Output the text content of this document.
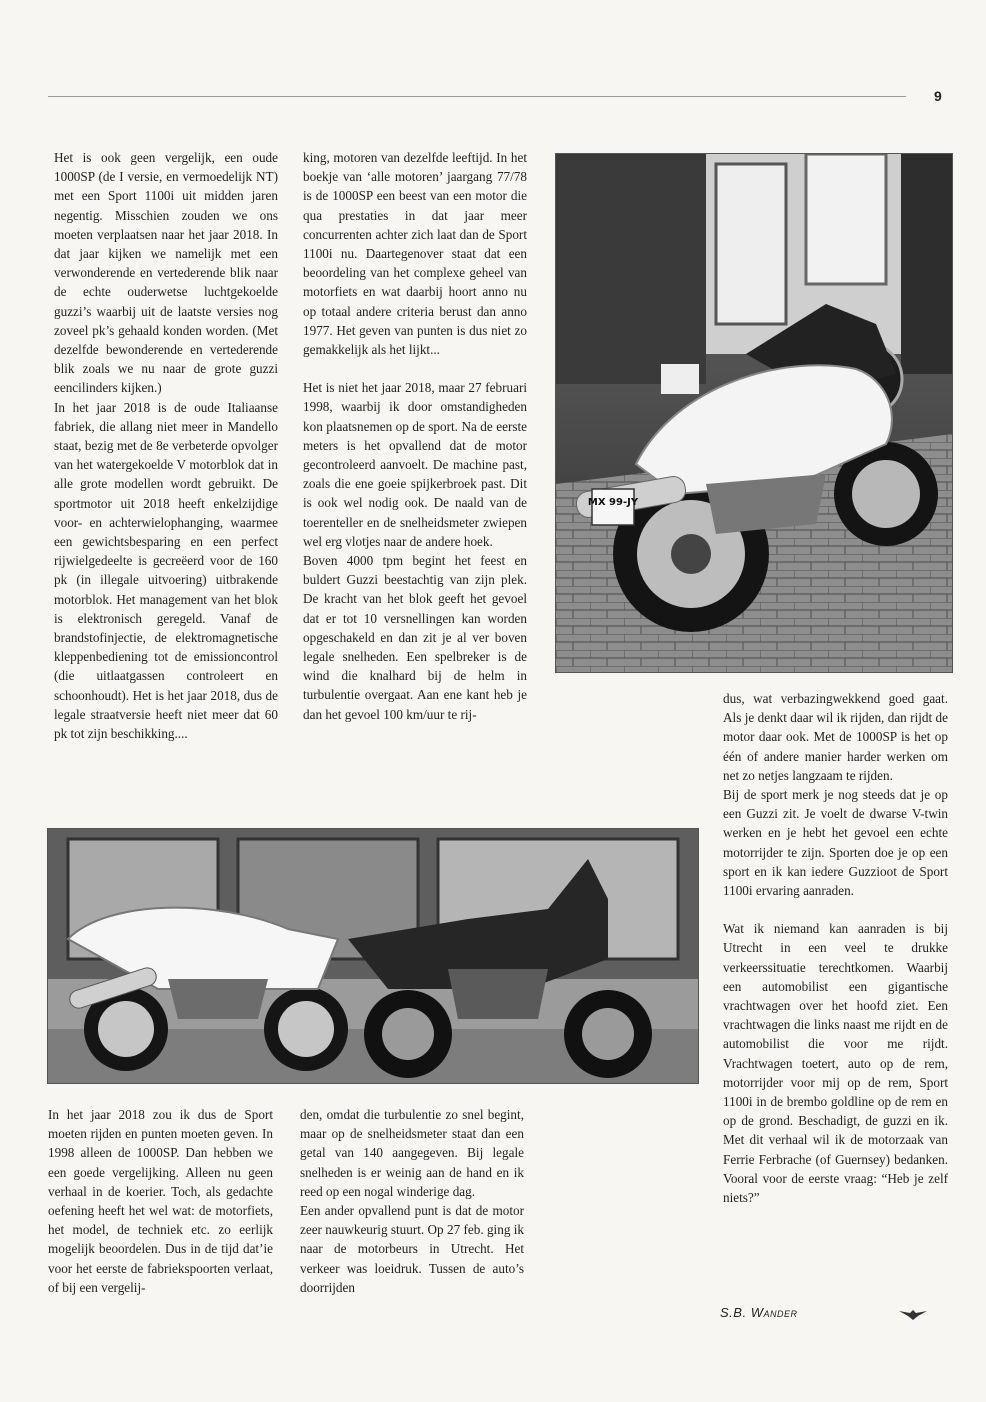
9

Het is ook geen vergelijk, een oude 1000SP (de I versie, en vermoedelijk NT) met een Sport 1100i uit midden jaren negentig. Misschien zouden we ons moeten verplaatsen naar het jaar 2018. In dat jaar kijken we namelijk met een verwonderende en vertederende blik naar de echte ouderwetse luchtgekoelde guzzi’s waarbij uit de laatste versies nog zoveel pk’s gehaald konden worden. (Met dezelfde bewonderende en vertederende blik zoals we nu naar de grote guzzi eencilinders kijken.)

In het jaar 2018 is de oude Italiaanse fabriek, die allang niet meer in Mandello staat, bezig met de 8e verbeterde opvolger van het watergekoelde V motorblok dat in alle grote modellen wordt gebruikt. De sportmotor uit 2018 heeft enkelzijdige voor- en achterwielophanging, waarmee een gewichtsbesparing en een perfect rijwielgedeelte is gecreëerd voor de 160 pk (in illegale uitvoering) uitbrakende motorblok. Het management van het blok is elektronisch geregeld. Vanaf de brandstofinjectie, de elektromagnetische kleppenbediening tot de emissioncontrol (die uitlaatgassen controleert en schoonhoudt). Het is het jaar 2018, dus de legale straatversie heeft niet meer dat 60 pk tot zijn beschikking....

king, motoren van dezelfde leeftijd. In het boekje van ‘alle motoren’ jaargang 77/78 is de 1000SP een beest van een motor die qua prestaties in dat jaar meer concurrenten achter zich laat dan de Sport 1100i nu. Daartegenover staat dat een beoordeling van het complexe geheel van motorfiets en wat daarbij hoort anno nu op totaal andere criteria berust dan anno 1977. Het geven van punten is dus niet zo gemakkelijk als het lijkt...

Het is niet het jaar 2018, maar 27 februari 1998, waarbij ik door omstandigheden kon plaatsnemen op de sport. Na de eerste meters is het opvallend dat de motor gecontroleerd aanvoelt. De machine past, zoals die ene goeie spijkerbroek past. Dit is ook wel nodig ook. De naald van de toerenteller en de snelheidsmeter zwiepen wel erg vlotjes naar de andere hoek.

Boven 4000 tpm begint het feest en buldert Guzzi beestachtig van zijn plek. De kracht van het blok geeft het gevoel dat er tot 10 versnellingen kan worden opgeschakeld en dan zit je al ver boven legale snelheden. Een spelbreker is de wind die knalhard bij de helm in turbulentie overgaat. Aan ene kant heb je dan het gevoel 100 km/uur te rij-

MX 99-JY

dus, wat verbazingwekkend goed gaat. Als je denkt daar wil ik rijden, dan rijdt de motor daar ook. Met de 1000SP is het op één of andere manier harder werken om net zo netjes langzaam te rijden.

Bij de sport merk je nog steeds dat je op een Guzzi zit. Je voelt de dwarse V-twin werken en je hebt het gevoel een echte motorrijder te zijn. Sporten doe je op een sport en ik kan iedere Guzzioot de Sport 1100i ervaring aanraden.

Wat ik niemand kan aanraden is bij Utrecht in een veel te drukke verkeerssituatie terechtkomen. Waarbij een automobilist een gigantische vrachtwagen over het hoofd ziet. Een vrachtwagen die links naast me rijdt en de automobilist die voor me rijdt. Vrachtwagen toetert, auto op de rem, motorrijder voor mij op de rem, Sport 1100i in de brembo goldline op de rem en op de grond. Beschadigt, de guzzi en ik. Met dit verhaal wil ik de motorzaak van Ferrie Ferbrache (of Guernsey) bedanken. Vooral voor de eerste vraag: “Heb je zelf niets?”

In het jaar 2018 zou ik dus de Sport moeten rijden en punten moeten geven. In 1998 alleen de 1000SP. Dan hebben we een goede vergelijking. Alleen nu geen verhaal in de koerier. Toch, als gedachte oefening heeft het wel wat: de motorfiets, het model, de techniek etc. zo eerlijk mogelijk beoordelen. Dus in de tijd dat’ie voor het eerste de fabriekspoorten verlaat, of bij een vergelij-

den, omdat die turbulentie zo snel begint, maar op de snelheidsmeter staat dan een getal van 140 aangegeven. Bij legale snelheden is er weinig aan de hand en ik reed op een nogal winderige dag.

Een ander opvallend punt is dat de motor zeer nauwkeurig stuurt. Op 27 feb. ging ik naar de motorbeurs in Utrecht. Het verkeer was loeidruk. Tussen de auto’s doorrijden

S.B. Wander
